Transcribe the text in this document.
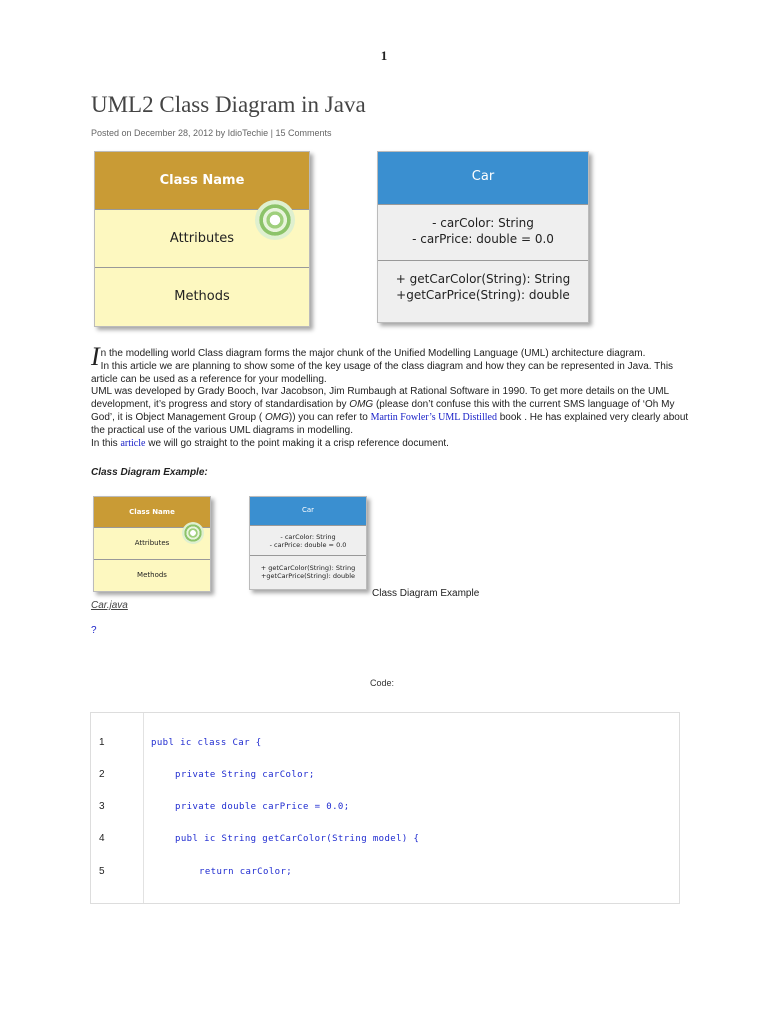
1
UML2 Class Diagram in Java
Posted on December 28, 2012 by IdioTechie | 15 Comments
Class Name
Attributes
Methods
Car
- carColor: String
- carPrice: double = 0.0
+ getCarColor(String): String
+getCarPrice(String): double

In the modelling world Class diagram forms the major chunk of the Unified Modelling Language (UML) architecture diagram.

In this article we are planning to show some of the key usage of the class diagram and how they can be represented in Java. This article can be used as a reference for your modelling.

UML was developed by Grady Booch, Ivar Jacobson, Jim Rumbaugh at Rational Software in 1990. To get more details on the UML development, it’s progress and story of standardisation by OMG (please don’t confuse this with the current SMS language of ‘Oh My God’, it is Object Management Group ( OMG)) you can refer to Martin Fowler’s UML Distilled book . He has explained very clearly about the practical use of the various UML diagrams in modelling.

In this article we will go straight to the point making it a crisp reference document.

Class Diagram Example:
Class Name
Attributes
Methods
Car
- carColor: String
- carPrice: double = 0.0
+ getCarColor(String): String
+getCarPrice(String): double
Class Diagram Example
Car.java
?
Code:
1	publ ic class Car {
2	private String carColor;
3	private double carPrice = 0.0;
4	publ ic String getCarColor(String model) {
5	return carColor;
